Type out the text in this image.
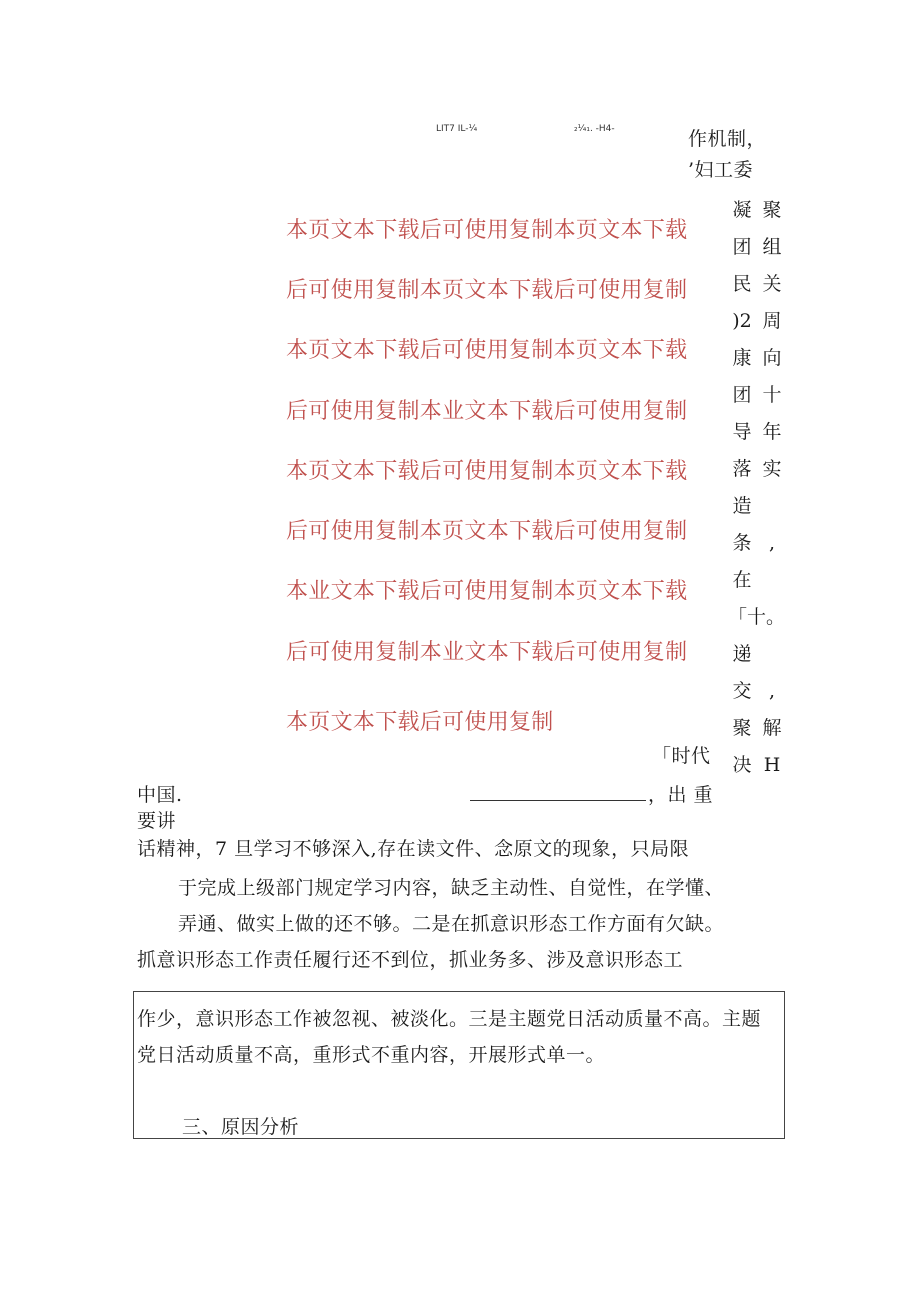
LIT7 IL-¼	₂¼₁. -H4-	作机制，
’妇工委
本页文本下载后可使用复制本页文本下载
后可使用复制本页文本下载后可使用复制
本页文本下载后可使用复制本页文本下载
后可使用复制本业文本下载后可使用复制
本页文本下载后可使用复制本页文本下载
后可使用复制本页文本下载后可使用复制
本业文本下载后可使用复制本页文本下载
后可使用复制本业文本下载后可使用复制
本页文本下载后可使用复制
凝
团
民
)2
康
团
导
落
造
条
在
「十。
递
交
聚
决
聚
组
关
周
向
十
年
实
,
,
解
H
「时代
中国.	，出 重
要讲
话精神，7 旦学习不够深入,存在读文件、念原文的现象，只局限
于完成上级部门规定学习内容，缺乏主动性、自觉性，在学懂、
弄通、做实上做的还不够。二是在抓意识形态工作方面有欠缺。
抓意识形态工作责任履行还不到位，抓业务多、涉及意识形态工
作少，意识形态工作被忽视、被淡化。三是主题党日活动质量不高。主题
党日活动质量不高，重形式不重内容，开展形式单一。
三、原因分析
